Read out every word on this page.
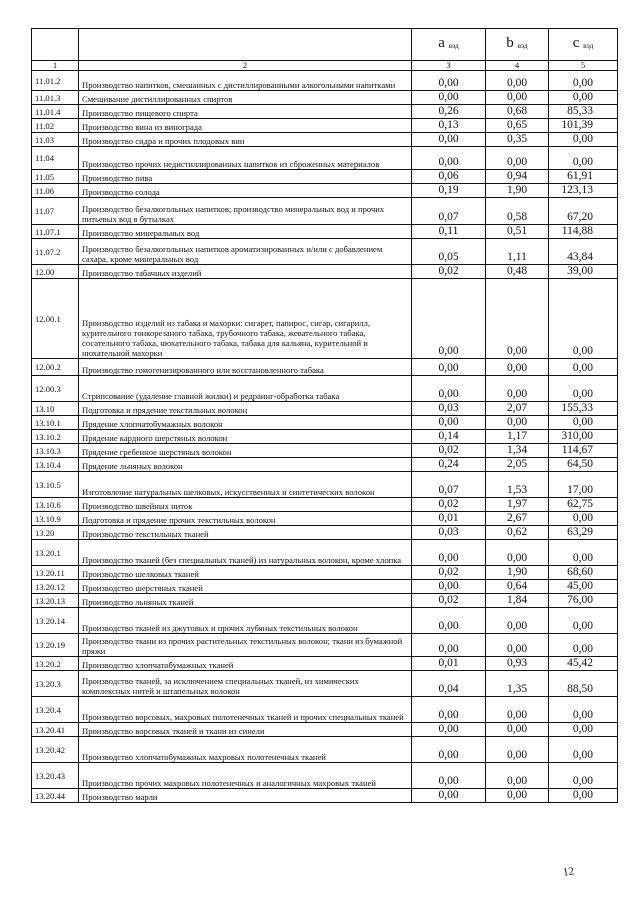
		a $_{вэд}$	b $_{вэд}$	c $_{вэд}$
1	2	3	4	5
11.01.2	Производство напитков, смешанных с дистиллированными алкогольными напитками	0,00	0,00	0,00
11.01.3	Смешивание дистиллированных спиртов	0,00	0,00	0,00
11.01.4	Производство пищевого спирта	0,26	0,68	85,33
11.02	Производство вина из винограда	0,13	0,65	101,39
11.03	Производство сидра и прочих плодовых вин	0,00	0,35	0,00
11.04	Производство прочих недистиллированных напитков из сброженных материалов	0,00	0,00	0,00
11.05	Производство пива	0,06	0,94	61,91
11.06	Производство солода	0,19	1,90	123,13
11.07	Производство безалкогольных напитков; производство минеральных вод и прочих питьевых вод в бутылках	0,07	0,58	67,20
11.07.1	Производство минеральных вод	0,11	0,51	114,88
11.07.2	Производство безалкогольных напитков ароматизированных и/или с добавлением сахара, кроме минеральных вод	0,05	1,11	43,84
12.00	Производство табачных изделий	0,02	0,48	39,00
12.00.1	Производство изделий из табака и махорки: сигарет, папирос, сигар, сигарилл, курительного тонкорезаного табака, трубочного табака, жевательного табака, сосательного табака, нюхательного табака, табака для кальяна, курительной и нюхательной махорки	0,00	0,00	0,00
12.00.2	Производство гомогенизированного или восстановленного табака	0,00	0,00	0,00
12.00.3	Стрипсование (удаление главной жилки) и редраинг-обработка табака	0,00	0,00	0,00
13.10	Подготовка и прядение текстильных волокон	0,03	2,07	155,33
13.10.1	Прядение хлопчатобумажных волокон	0,00	0,00	0,00
13.10.2	Прядение кардного шерстяных волокон	0,14	1,17	310,00
13.10.3	Прядение гребенное шерстяных волокон	0,02	1,34	114,67
13.10.4	Прядение льняных волокон	0,24	2,05	64,50
13.10.5	Изготовление натуральных шелковых, искусственных и синтетических волокон	0,07	1,53	17,00
13.10.6	Производство швейных ниток	0,02	1,97	62,75
13.10.9	Подготовка и прядение прочих текстильных волокон	0,01	2,67	0,00
13.20	Производство текстильных тканей	0,03	0,62	63,29
13.20.1	Производство тканей (без специальных тканей) из натуральных волокон, кроме хлопка	0,00	0,00	0,00
13.20.11	Производство шелковых тканей	0,02	1,90	68,60
13.20.12	Производство шерстяных тканей	0,00	0,64	45,00
13.20.13	Производство льняных тканей	0,02	1,84	76,00
13.20.14	Производство тканей из джутовых и прочих лубяных текстильных волокон	0,00	0,00	0,00
13.20.19	Производство ткани из прочих растительных текстильных волокон; ткани из бумажной пряжи	0,00	0,00	0,00
13.20.2	Производство хлопчатобумажных тканей	0,01	0,93	45,42
13.20.3	Производство тканей, за исключением специальных тканей, из химических комплексных нитей и штапельных волокон	0,04	1,35	88,50
13.20.4	Производство ворсовых, махровых полотенечных тканей и прочих специальных тканей	0,00	0,00	0,00
13.20.41	Производство ворсовых тканей и ткани из синели	0,00	0,00	0,00
13.20.42	Производство хлопчатобумажных махровых полотенечных тканей	0,00	0,00	0,00
13.20.43	Производство прочих махровых полотенечных и аналогичных махровых тканей	0,00	0,00	0,00
13.20.44	Производство марли	0,00	0,00	0,00
12
